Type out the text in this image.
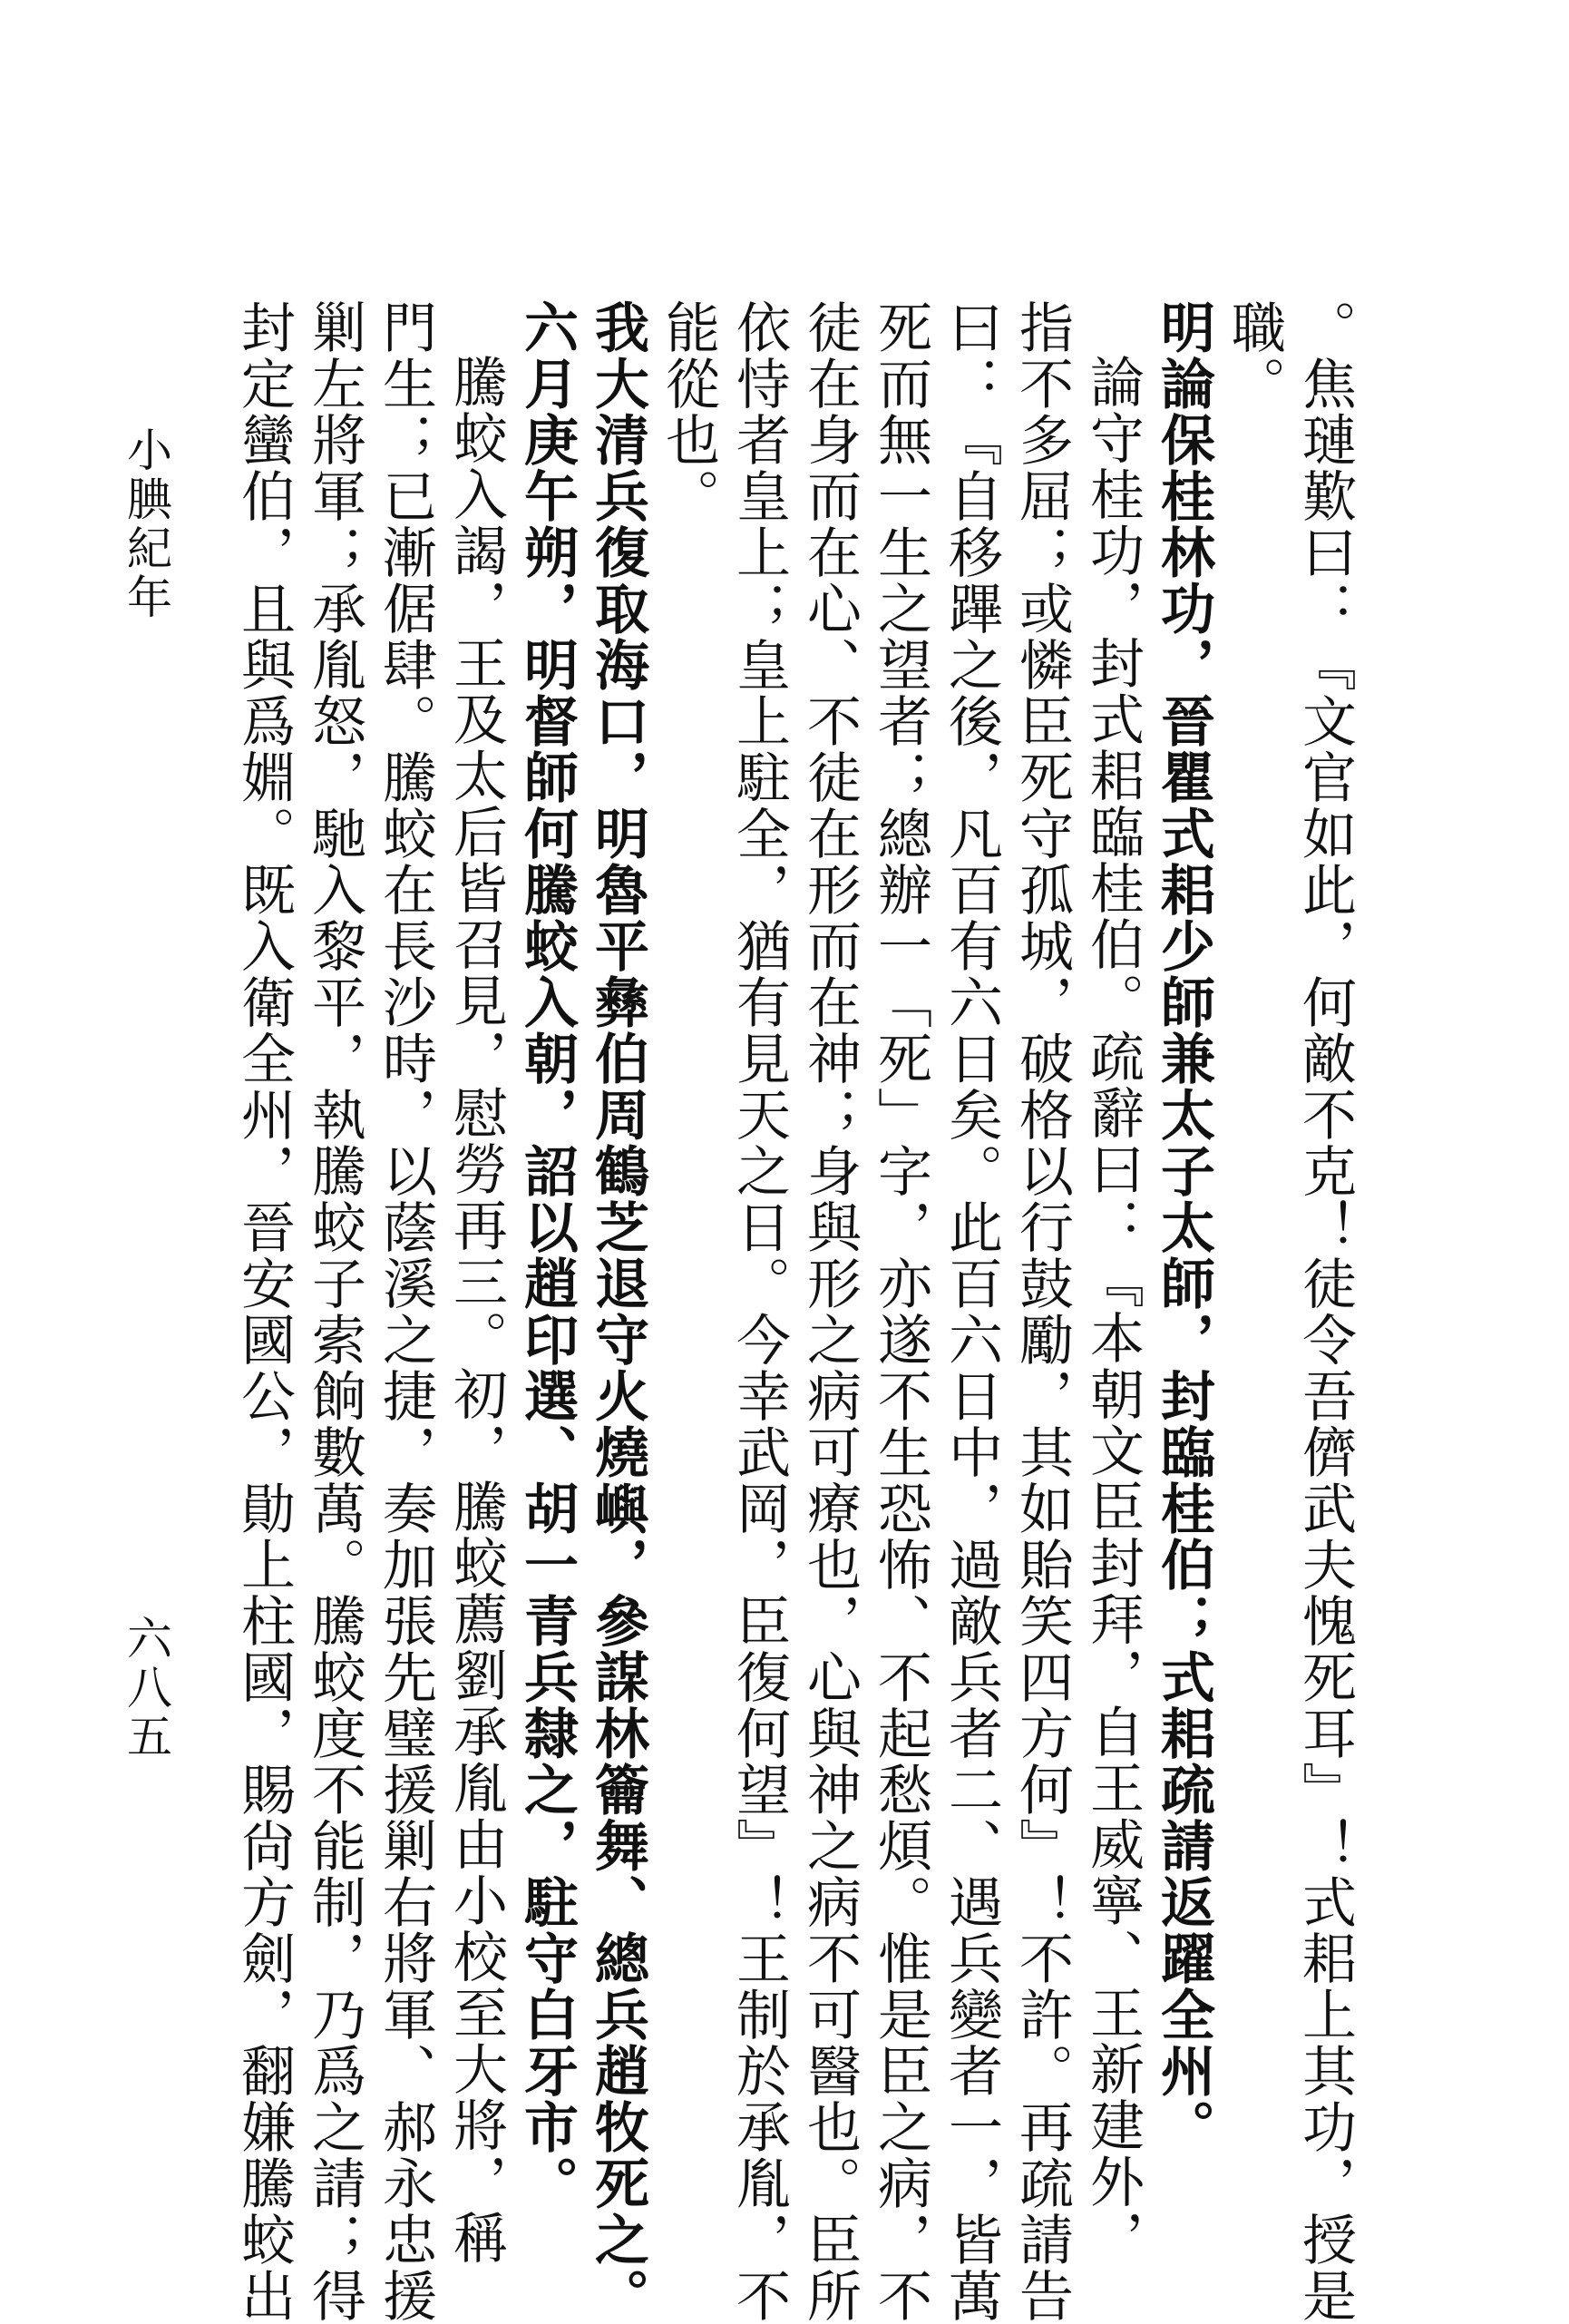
。焦璉歎曰：『文官如此，何敵不克！徒令吾儕武夫愧死耳』！式耜上其功，授是
職。
明論保桂林功，晉瞿式耜少師兼太子太師，封臨桂伯；式耜疏請返躍全州。
論守桂功，封式耜臨桂伯。疏辭曰：『本朝文臣封拜，自王威寧、王新建外，
指不多屈；或憐臣死守孤城，破格以行鼓勵，其如貽笑四方何』！不許。再疏請告
曰：『自移蹕之後，凡百有六日矣。此百六日中，過敵兵者二、遇兵變者一，皆萬
死而無一生之望者；總辦一「死」字，亦遂不生恐怖、不起愁煩。惟是臣之病，不
徒在身而在心、不徒在形而在神；身與形之病可療也，心與神之病不可醫也。臣所
依恃者皇上；皇上駐全，猶有見天之日。今幸武岡，臣復何望』！王制於承胤，不
能從也。
我大清兵復取海口，明魯平彝伯周鶴芝退守火燒嶼，參謀林籥舞、總兵趙牧死之。
六月庚午朔，明督師何騰蛟入朝，詔以趙印選、胡一青兵隸之，駐守白牙市。
騰蛟入謁，王及太后皆召見，慰勞再三。初，騰蛟薦劉承胤由小校至大將，稱
門生；已漸倨肆。騰蛟在長沙時，以蔭溪之捷，奏加張先璧援剿右將軍、郝永忠援
剿左將軍；承胤怒，馳入黎平，執騰蛟子索餉數萬。騰蛟度不能制，乃爲之請；得
封定蠻伯，且與爲婣。既入衛全州，晉安國公，勛上柱國，賜尙方劍，翻嫌騰蛟出
小腆紀年
六八五
